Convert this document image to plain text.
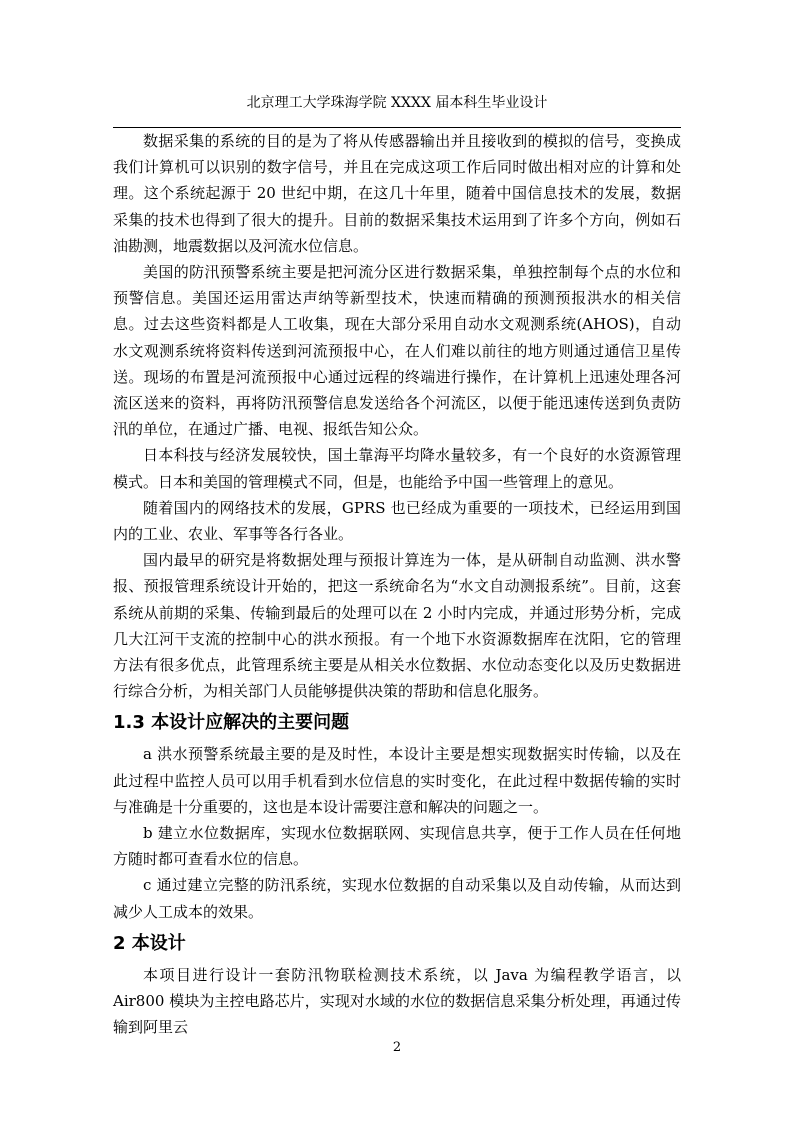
北京理工大学珠海学院 XXXX 届本科生毕业设计

数据采集的系统的目的是为了将从传感器输出并且接收到的模拟的信号，变换成我们计算机可以识别的数字信号，并且在完成这项工作后同时做出相对应的计算和处理。这个系统起源于 20 世纪中期，在这几十年里，随着中国信息技术的发展，数据采集的技术也得到了很大的提升。目前的数据采集技术运用到了许多个方向，例如石油勘测，地震数据以及河流水位信息。

美国的防汛预警系统主要是把河流分区进行数据采集，单独控制每个点的水位和预警信息。美国还运用雷达声纳等新型技术，快速而精确的预测预报洪水的相关信息。过去这些资料都是人工收集，现在大部分采用自动水文观测系统(AHOS)，自动水文观测系统将资料传送到河流预报中心，在人们难以前往的地方则通过通信卫星传送。现场的布置是河流预报中心通过远程的终端进行操作，在计算机上迅速处理各河流区送来的资料，再将防汛预警信息发送给各个河流区，以便于能迅速传送到负责防汛的单位，在通过广播、电视、报纸告知公众。

日本科技与经济发展较快，国土靠海平均降水量较多，有一个良好的水资源管理模式。日本和美国的管理模式不同，但是，也能给予中国一些管理上的意见。

随着国内的网络技术的发展，GPRS 也已经成为重要的一项技术，已经运用到国内的工业、农业、军事等各行各业。

国内最早的研究是将数据处理与预报计算连为一体，是从研制自动监测、洪水警报、预报管理系统设计开始的，把这一系统命名为“水文自动测报系统”。目前，这套系统从前期的采集、传输到最后的处理可以在 2 小时内完成，并通过形势分析，完成几大江河干支流的控制中心的洪水预报。有一个地下水资源数据库在沈阳，它的管理方法有很多优点，此管理系统主要是从相关水位数据、水位动态变化以及历史数据进行综合分析，为相关部门人员能够提供决策的帮助和信息化服务。

1.3 本设计应解决的主要问题

a 洪水预警系统最主要的是及时性，本设计主要是想实现数据实时传输，以及在此过程中监控人员可以用手机看到水位信息的实时变化，在此过程中数据传输的实时与准确是十分重要的，这也是本设计需要注意和解决的问题之一。

b 建立水位数据库，实现水位数据联网、实现信息共享，便于工作人员在任何地方随时都可查看水位的信息。

c 通过建立完整的防汛系统，实现水位数据的自动采集以及自动传输，从而达到减少人工成本的效果。

2 本设计

本项目进行设计一套防汛物联检测技术系统，以 Java 为编程教学语言，以 Air800 模块为主控电路芯片，实现对水域的水位的数据信息采集分析处理，再通过传输到阿里云

2
